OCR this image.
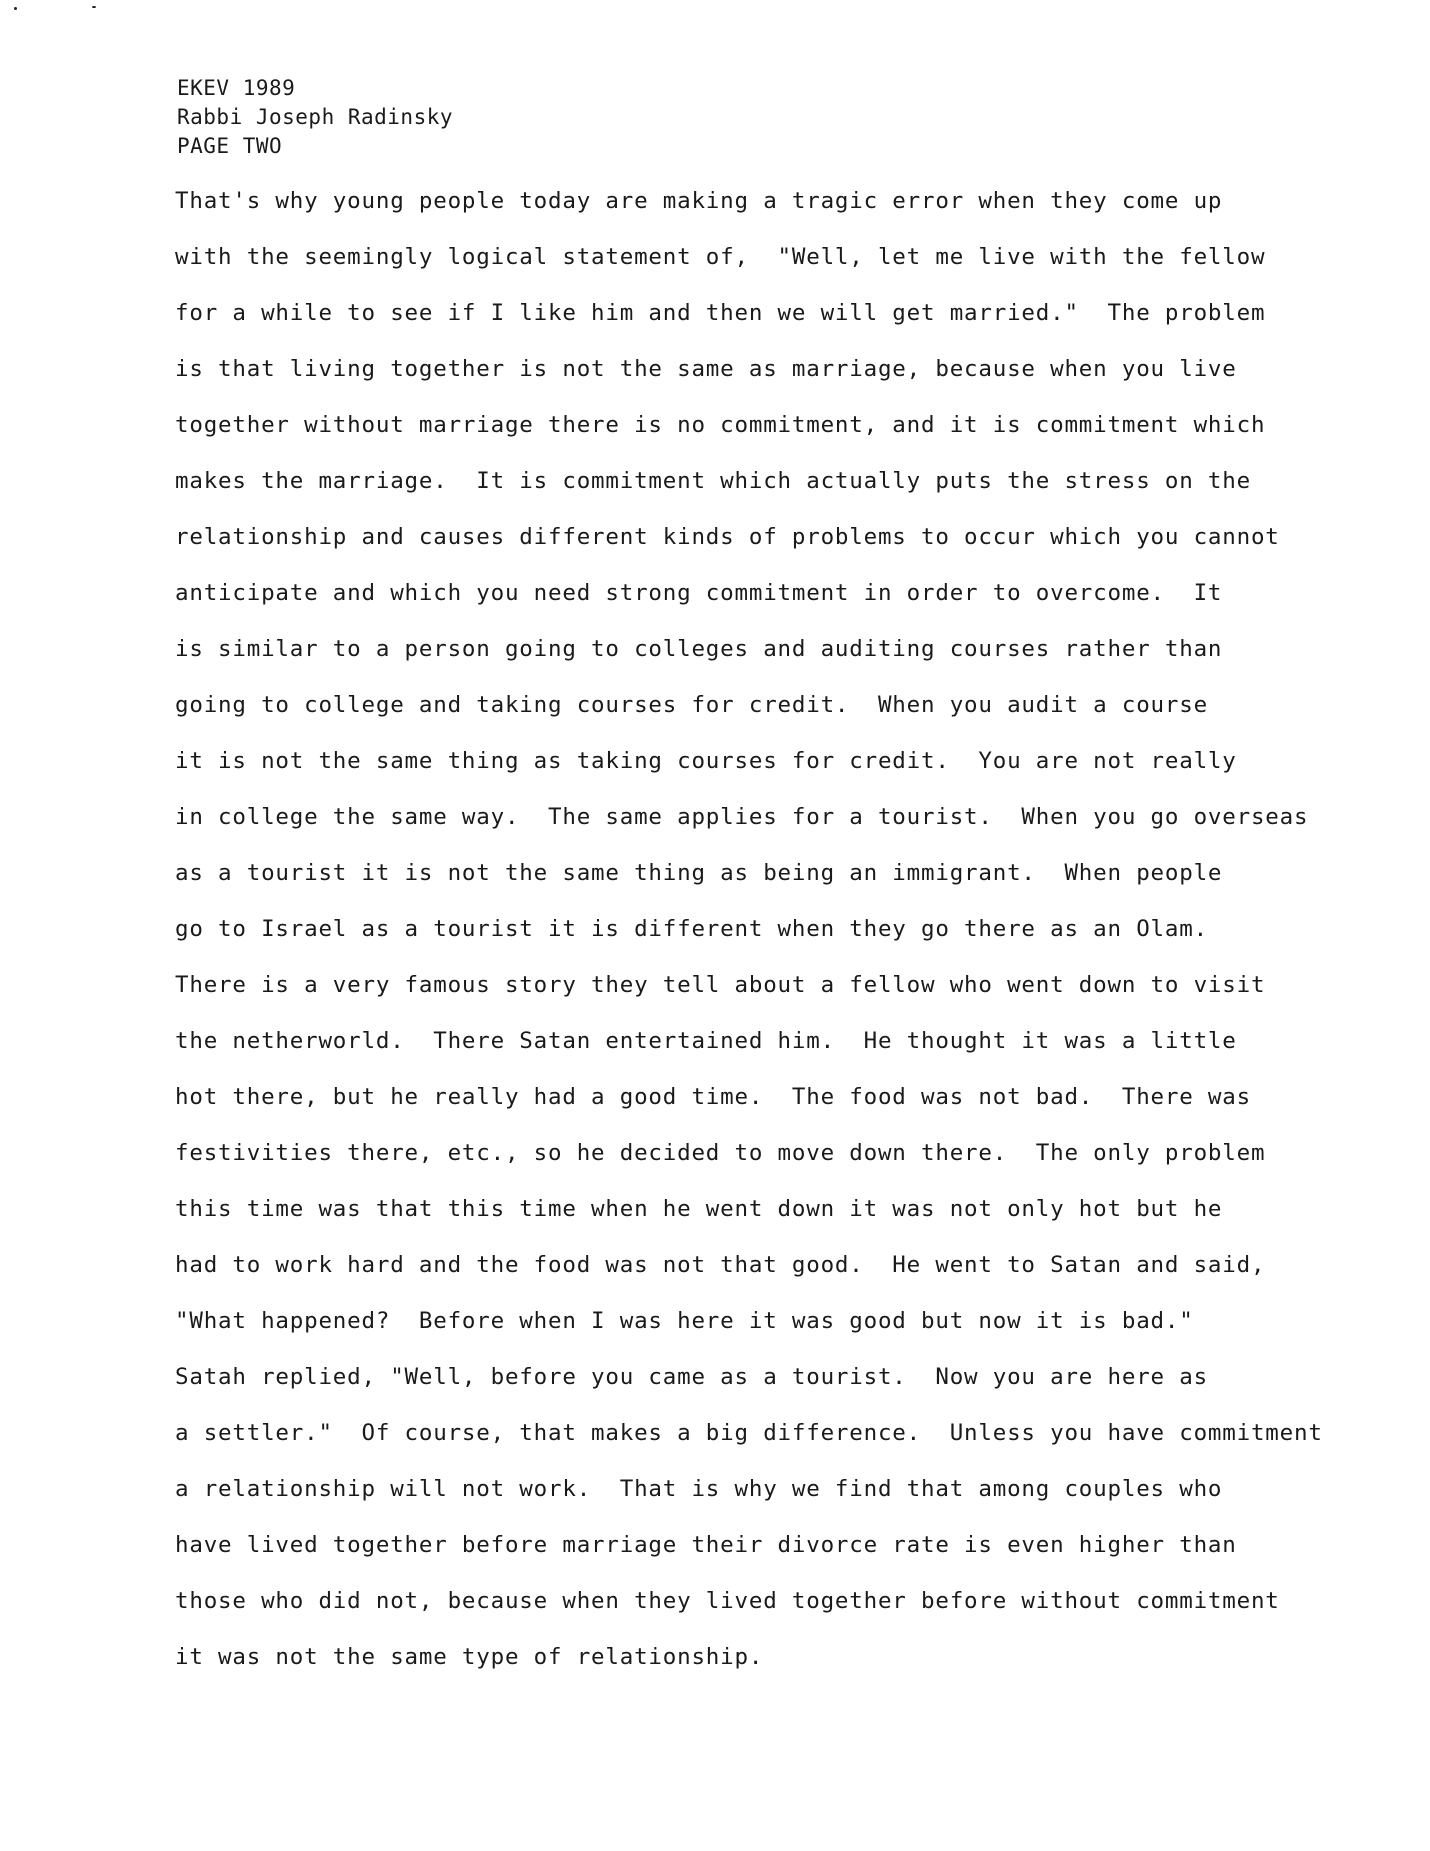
EKEV 1989
Rabbi Joseph Radinsky
PAGE TWO
That's why young people today are making a tragic error when they come up
with the seemingly logical statement of,  "Well, let me live with the fellow
for a while to see if I like him and then we will get married."  The problem
is that living together is not the same as marriage, because when you live
together without marriage there is no commitment, and it is commitment which
makes the marriage.  It is commitment which actually puts the stress on the
relationship and causes different kinds of problems to occur which you cannot
anticipate and which you need strong commitment in order to overcome.  It
is similar to a person going to colleges and auditing courses rather than
going to college and taking courses for credit.  When you audit a course
it is not the same thing as taking courses for credit.  You are not really
in college the same way.  The same applies for a tourist.  When you go overseas
as a tourist it is not the same thing as being an immigrant.  When people
go to Israel as a tourist it is different when they go there as an Olam.
There is a very famous story they tell about a fellow who went down to visit
the netherworld.  There Satan entertained him.  He thought it was a little
hot there, but he really had a good time.  The food was not bad.  There was
festivities there, etc., so he decided to move down there.  The only problem
this time was that this time when he went down it was not only hot but he
had to work hard and the food was not that good.  He went to Satan and said,
"What happened?  Before when I was here it was good but now it is bad."
Satah replied, "Well, before you came as a tourist.  Now you are here as
a settler."  Of course, that makes a big difference.  Unless you have commitment
a relationship will not work.  That is why we find that among couples who
have lived together before marriage their divorce rate is even higher than
those who did not, because when they lived together before without commitment
it was not the same type of relationship.
